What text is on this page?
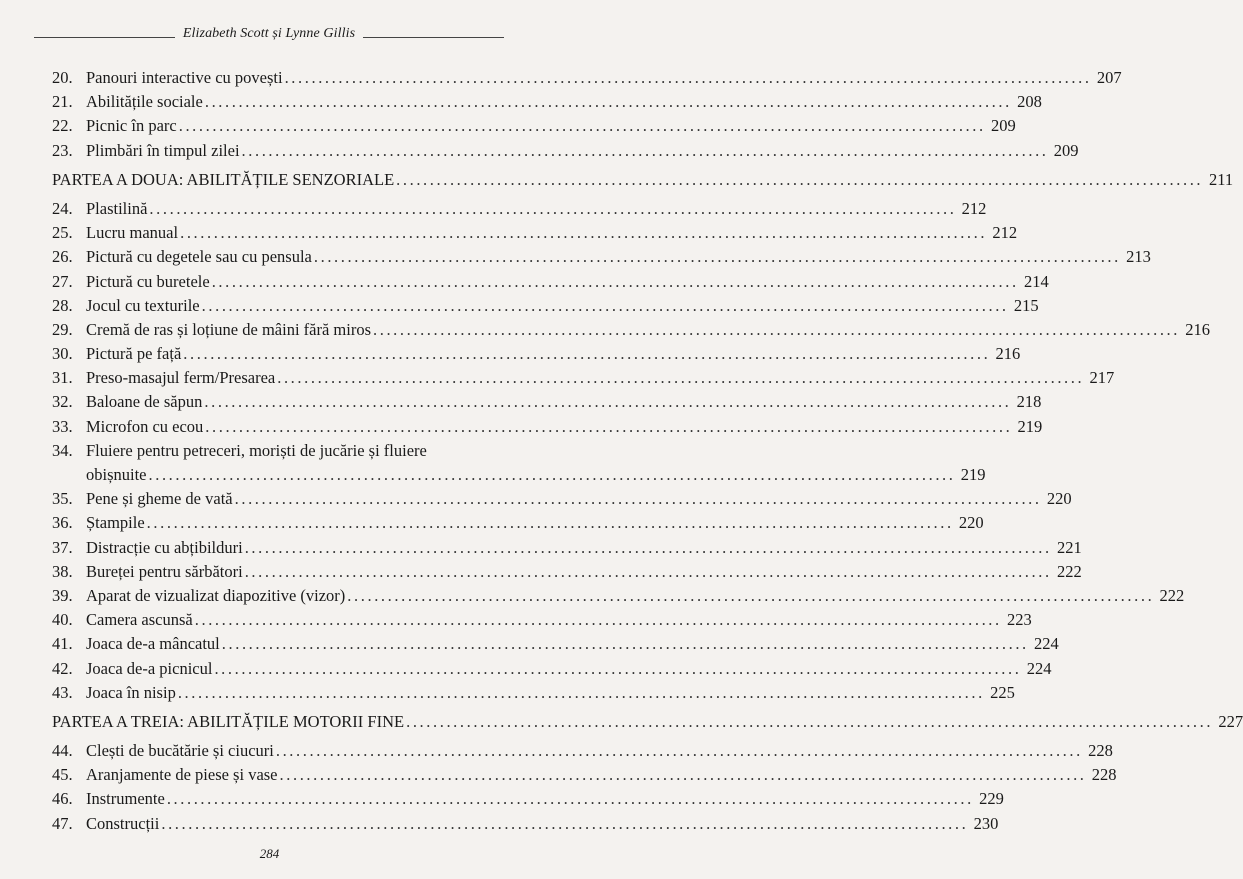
Elizabeth Scott și Lynne Gillis
20. Panouri interactive cu povești ........................................................................................................................ 207
21. Abilitățile sociale ........................................................................................................................ 208
22. Picnic în parc ........................................................................................................................ 209
23. Plimbări în timpul zilei ........................................................................................................................ 209
PARTEA A DOUA: ABILITĂȚILE SENZORIALE ........................................................................................................................ 211
24. Plastilină ........................................................................................................................ 212
25. Lucru manual ........................................................................................................................ 212
26. Pictură cu degetele sau cu pensula ........................................................................................................................ 213
27. Pictură cu buretele ........................................................................................................................ 214
28. Jocul cu texturile ........................................................................................................................ 215
29. Cremă de ras și loțiune de mâini fără miros ........................................................................................................................ 216
30. Pictură pe față ........................................................................................................................ 216
31. Preso-masajul ferm/Presarea ........................................................................................................................ 217
32. Baloane de săpun ........................................................................................................................ 218
33. Microfon cu ecou ........................................................................................................................ 219
34. Fluiere pentru petreceri, moriști de jucărie și fluiere
obișnuite ........................................................................................................................ 219
35. Pene și gheme de vată ........................................................................................................................ 220
36. Ștampile ........................................................................................................................ 220
37. Distracție cu abțibilduri ........................................................................................................................ 221
38. Bureței pentru sărbători ........................................................................................................................ 222
39. Aparat de vizualizat diapozitive (vizor) ........................................................................................................................ 222
40. Camera ascunsă ........................................................................................................................ 223
41. Joaca de-a mâncatul ........................................................................................................................ 224
42. Joaca de-a picnicul ........................................................................................................................ 224
43. Joaca în nisip ........................................................................................................................ 225
PARTEA A TREIA: ABILITĂȚILE MOTORII FINE ........................................................................................................................ 227
44. Clești de bucătărie și ciucuri ........................................................................................................................ 228
45. Aranjamente de piese și vase ........................................................................................................................ 228
46. Instrumente ........................................................................................................................ 229
47. Construcții ........................................................................................................................ 230
284
